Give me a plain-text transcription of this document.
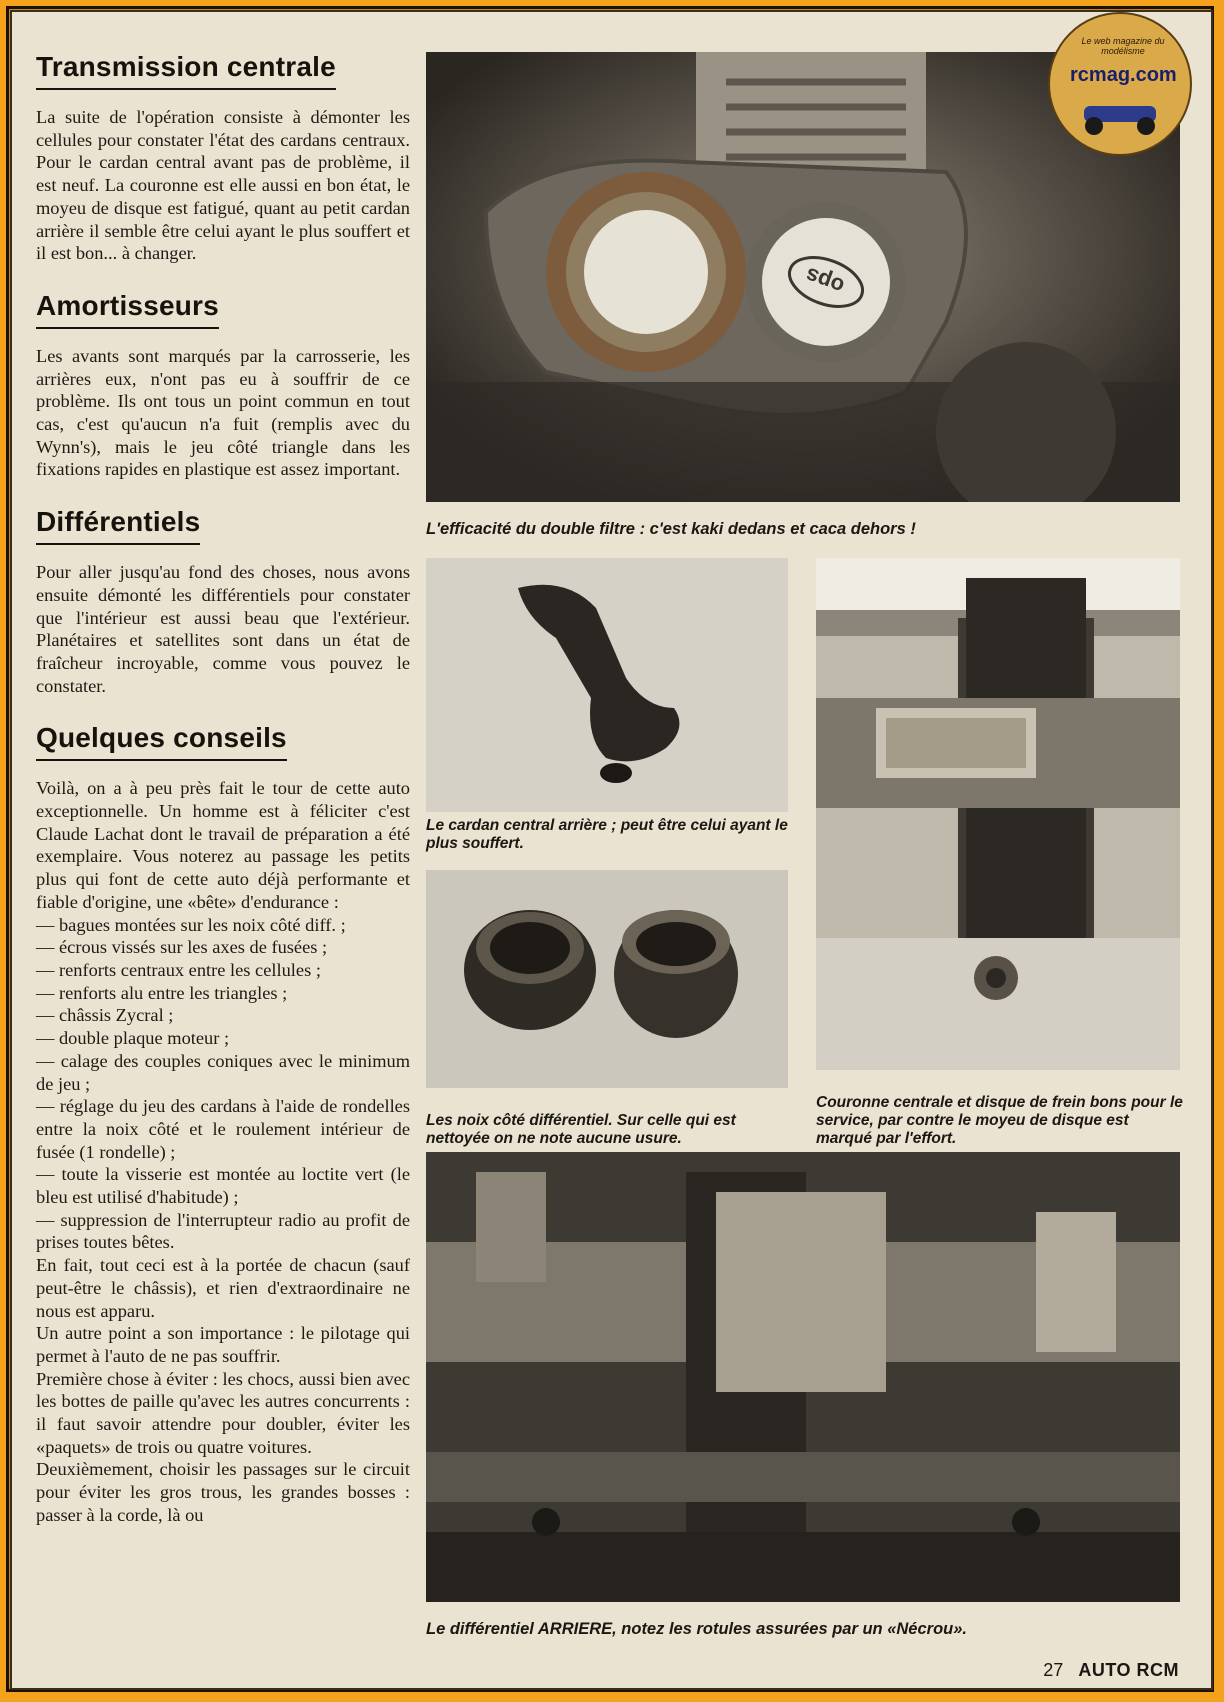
Transmission centrale

La suite de l'opération consiste à démonter les cellules pour constater l'état des cardans centraux. Pour le cardan central avant pas de problème, il est neuf. La couronne est elle aussi en bon état, le moyeu de disque est fatigué, quant au petit cardan arrière il semble être celui ayant le plus souffert et il est bon... à changer.

Amortisseurs

Les avants sont marqués par la carrosserie, les arrières eux, n'ont pas eu à souffrir de ce problème. Ils ont tous un point commun en tout cas, c'est qu'aucun n'a fuit (remplis avec du Wynn's), mais le jeu côté triangle dans les fixations rapides en plastique est assez important.

Différentiels

Pour aller jusqu'au fond des choses, nous avons ensuite démonté les différentiels pour constater que l'intérieur est aussi beau que l'extérieur. Planétaires et satellites sont dans un état de fraîcheur incroyable, comme vous pouvez le constater.

Quelques conseils

Voilà, on a à peu près fait le tour de cette auto exceptionnelle. Un homme est à féliciter c'est Claude Lachat dont le travail de préparation a été exemplaire. Vous noterez au passage les petits plus qui font de cette auto déjà performante et fiable d'origine, une «bête» d'endurance :

— bagues montées sur les noix côté diff. ;

— écrous vissés sur les axes de fusées ;

— renforts centraux entre les cellules ;

— renforts alu entre les triangles ;

— châssis Zycral ;

— double plaque moteur ;

— calage des couples coniques avec le minimum de jeu ;

— réglage du jeu des cardans à l'aide de rondelles entre la noix côté et le roulement intérieur de fusée (1 rondelle) ;

— toute la visserie est montée au loctite vert (le bleu est utilisé d'habitude) ;

— suppression de l'interrupteur radio au profit de prises toutes bêtes.

En fait, tout ceci est à la portée de chacun (sauf peut-être le châssis), et rien d'extraordinaire ne nous est apparu.

Un autre point a son importance : le pilotage qui permet à l'auto de ne pas souffrir.

Première chose à éviter : les chocs, aussi bien avec les bottes de paille qu'avec les autres concurrents : il faut savoir attendre pour doubler, éviter les «paquets» de trois ou quatre voitures.

Deuxièmement, choisir les passages sur le circuit pour éviter les gros trous, les grandes bosses : passer à la corde, là ou

ops
L'efficacité du double filtre : c'est kaki dedans et caca dehors !
Le cardan central arrière ; peut être celui ayant le plus souffert.
Les noix côté différentiel. Sur celle qui est nettoyée on ne note aucune usure.
Couronne centrale et disque de frein bons pour le service, par contre le moyeu de disque est marqué par l'effort.
Le différentiel ARRIERE, notez les rotules assurées par un «Nécrou».
27 AUTO RCM
Le web magazine du modélisme
rcmag.com
